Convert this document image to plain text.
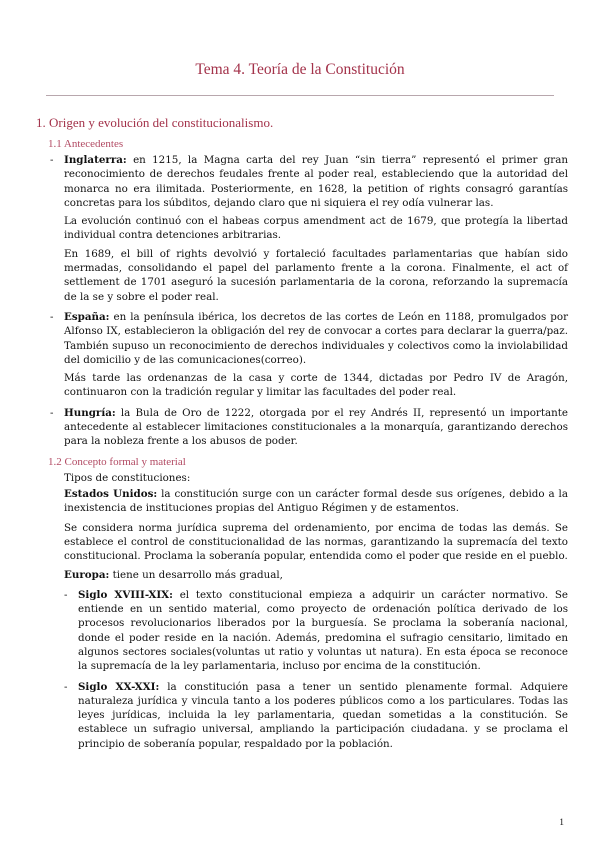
Tema 4. Teoría de la Constitución
1. Origen y evolución del constitucionalismo.
1.1 Antecedentes

- Inglaterra: en 1215, la Magna carta del rey Juan “sin tierra” representó el primer gran reconocimiento de derechos feudales frente al poder real, estableciendo que la autoridad del monarca no era ilimitada. Posteriormente, en 1628, la petition of rights consagró garantías concretas para los súbditos, dejando claro que ni siquiera el rey odía vulnerar las.

La evolución continuó con el habeas corpus amendment act de 1679, que protegía la libertad individual contra detenciones arbitrarias.

En 1689, el bill of rights devolvió y fortaleció facultades parlamentarias que habían sido mermadas, consolidando el papel del parlamento frente a la corona. Finalmente, el act of settlement de 1701 aseguró la sucesión parlamentaria de la corona, reforzando la supremacía de la se y sobre el poder real.

- España: en la península ibérica, los decretos de las cortes de León en 1188, promulgados por Alfonso IX, establecieron la obligación del rey de convocar a cortes para declarar la guerra/paz. También supuso un reconocimiento de derechos individuales y colectivos como la inviolabilidad del domicilio y de las comunicaciones(correo).

Más tarde las ordenanzas de la casa y corte de 1344, dictadas por Pedro IV de Aragón, continuaron con la tradición regular y limitar las facultades del poder real.

- Hungría: la Bula de Oro de 1222, otorgada por el rey Andrés II, representó un importante antecedente al establecer limitaciones constitucionales a la monarquía, garantizando derechos para la nobleza frente a los abusos de poder.

1.2 Concepto formal y material

Tipos de constituciones:

Estados Unidos: la constitución surge con un carácter formal desde sus orígenes, debido a la inexistencia de instituciones propias del Antiguo Régimen y de estamentos.

Se considera norma jurídica suprema del ordenamiento, por encima de todas las demás. Se establece el control de constitucionalidad de las normas, garantizando la supremacía del texto constitucional. Proclama la soberanía popular, entendida como el poder que reside en el pueblo.

Europa: tiene un desarrollo más gradual,

- Siglo XVIII-XIX: el texto constitucional empieza a adquirir un carácter normativo. Se entiende en un sentido material, como proyecto de ordenación política derivado de los procesos revolucionarios liberados por la burguesía. Se proclama la soberanía nacional, donde el poder reside en la nación. Además, predomina el sufragio censitario, limitado en algunos sectores sociales(voluntas ut ratio y voluntas ut natura). En esta época se reconoce la supremacía de la ley parlamentaria, incluso por encima de la constitución.

- Siglo XX-XXI: la constitución pasa a tener un sentido plenamente formal. Adquiere naturaleza jurídica y vincula tanto a los poderes públicos como a los particulares. Todas las leyes jurídicas, incluida la ley parlamentaria, quedan sometidas a la constitución. Se establece un sufragio universal, ampliando la participación ciudadana. y se proclama el principio de soberanía popular, respaldado por la población.

1
